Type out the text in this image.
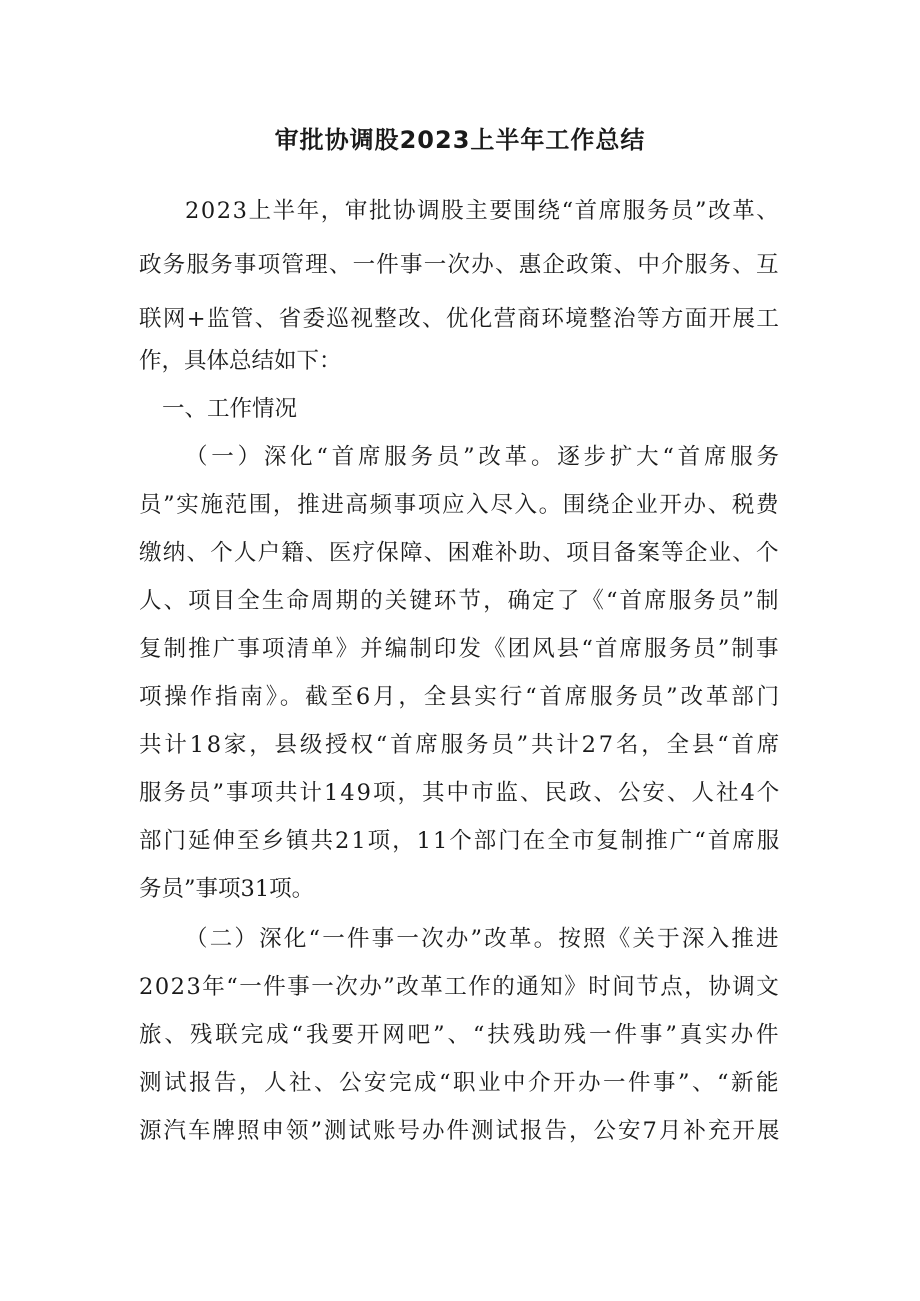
审批协调股2023上半年工作总结
2023上半年，审批协调股主要围绕“首席服务员”改革、
政务服务事项管理、一件事一次办、惠企政策、中介服务、互
联网+监管、省委巡视整改、优化营商环境整治等方面开展工
作，具体总结如下：
一、工作情况
（一）深化“首席服务员”改革。逐步扩大“首席服务
员”实施范围，推进高频事项应入尽入。围绕企业开办、税费
缴纳、个人户籍、医疗保障、困难补助、项目备案等企业、个
人、项目全生命周期的关键环节，确定了《“首席服务员”制
复制推广事项清单》并编制印发《团风县“首席服务员”制事
项操作指南》。截至6月，全县实行“首席服务员”改革部门
共计18家，县级授权“首席服务员”共计27名，全县“首席
服务员”事项共计149项，其中市监、民政、公安、人社4个
部门延伸至乡镇共21项，11个部门在全市复制推广“首席服
务员”事项31项。
（二）深化“一件事一次办”改革。按照《关于深入推进
2023年“一件事一次办”改革工作的通知》时间节点，协调文
旅、残联完成“我要开网吧”、“扶残助残一件事”真实办件
测试报告，人社、公安完成“职业中介开办一件事”、“新能
源汽车牌照申领”测试账号办件测试报告，公安7月补充开展
